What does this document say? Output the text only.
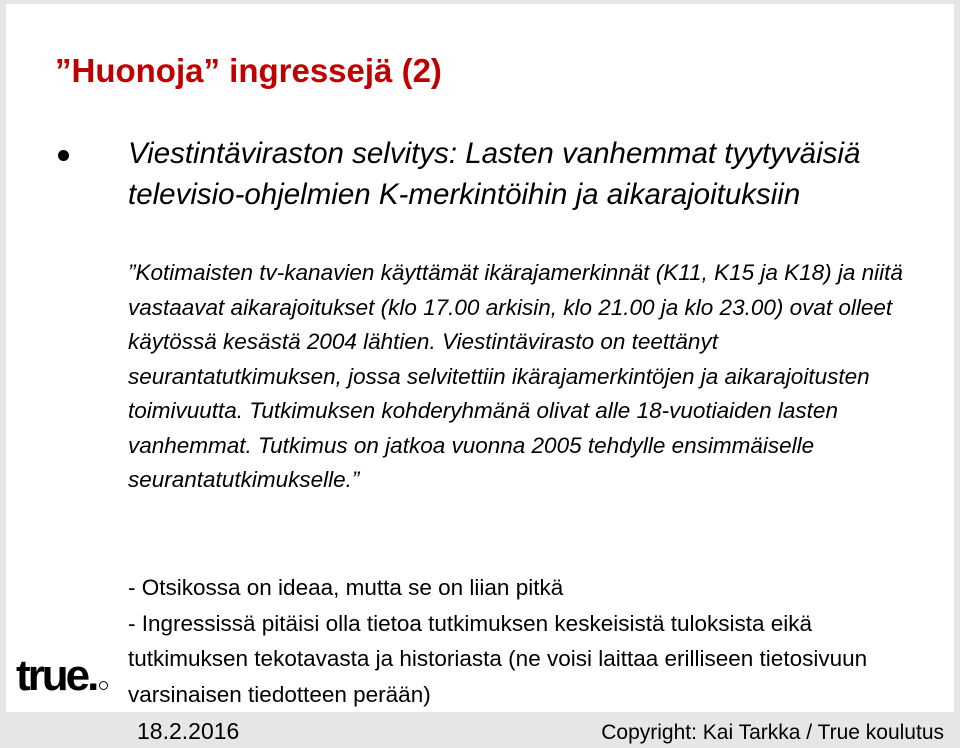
”Huonoja” ingressejä (2)

Viestintäviraston selvitys: Lasten vanhemmat tyytyväisiä televisio-ohjelmien K-merkintöihin ja aikarajoituksiin

”Kotimaisten tv-kanavien käyttämät ikärajamerkinnät (K11, K15 ja K18) ja niitä vastaavat aikarajoitukset (klo 17.00 arkisin, klo 21.00 ja klo 23.00) ovat olleet käytössä kesästä 2004 lähtien. Viestintävirasto on teettänyt seurantatutkimuksen, jossa selvitettiin ikärajamerkintöjen ja aikarajoitusten toimivuutta. Tutkimuksen kohderyhmänä olivat alle 18-vuotiaiden lasten vanhemmat. Tutkimus on jatkoa vuonna 2005 tehdylle ensimmäiselle seurantatutkimukselle.”

- Otsikossa on ideaa, mutta se on liian pitkä
- Ingressissä pitäisi olla tietoa tutkimuksen keskeisistä tuloksista eikä tutkimuksen tekotavasta ja historiasta (ne voisi laittaa erilliseen tietosivuun varsinaisen tiedotteen perään)
true.
18.2.2016	Copyright: Kai Tarkka / True koulutus
